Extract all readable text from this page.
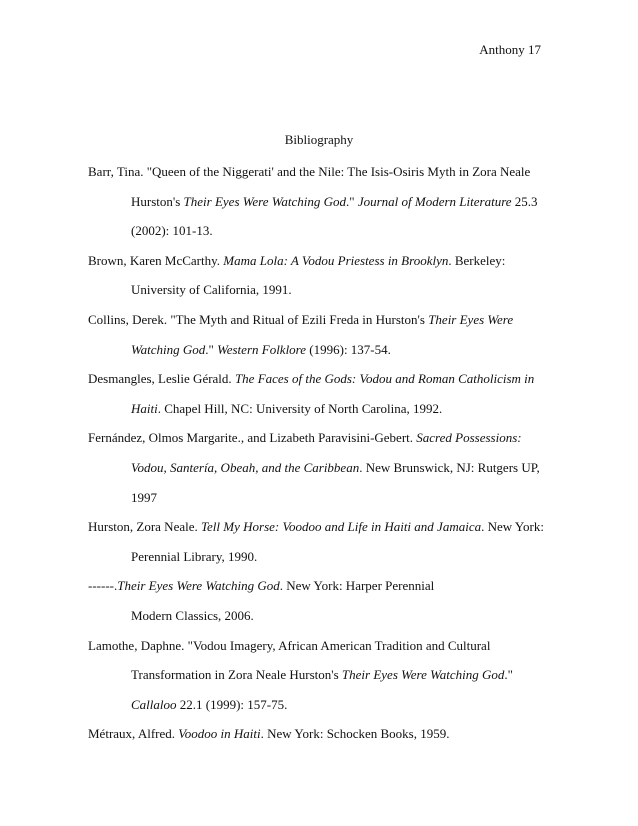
Anthony 17
Bibliography
Barr, Tina. "Queen of the Niggerati' and the Nile: The Isis-Osiris Myth in Zora Neale
Hurston's Their Eyes Were Watching God." Journal of Modern Literature 25.3
(2002): 101-13.
Brown, Karen McCarthy. Mama Lola: A Vodou Priestess in Brooklyn. Berkeley:
University of California, 1991.
Collins, Derek. "The Myth and Ritual of Ezili Freda in Hurston's Their Eyes Were
Watching God." Western Folklore (1996): 137-54.
Desmangles, Leslie Gérald. The Faces of the Gods: Vodou and Roman Catholicism in
Haiti. Chapel Hill, NC: University of North Carolina, 1992.
Fernández, Olmos Margarite., and Lizabeth Paravisini-Gebert. Sacred Possessions:
Vodou, Santería, Obeah, and the Caribbean. New Brunswick, NJ: Rutgers UP,
1997
Hurston, Zora Neale. Tell My Horse: Voodoo and Life in Haiti and Jamaica. New York:
Perennial Library, 1990.
------.Their Eyes Were Watching God. New York: Harper Perennial
Modern Classics, 2006.
Lamothe, Daphne. "Vodou Imagery, African American Tradition and Cultural
Transformation in Zora Neale Hurston's Their Eyes Were Watching God."
Callaloo 22.1 (1999): 157-75.
Métraux, Alfred. Voodoo in Haiti. New York: Schocken Books, 1959.
